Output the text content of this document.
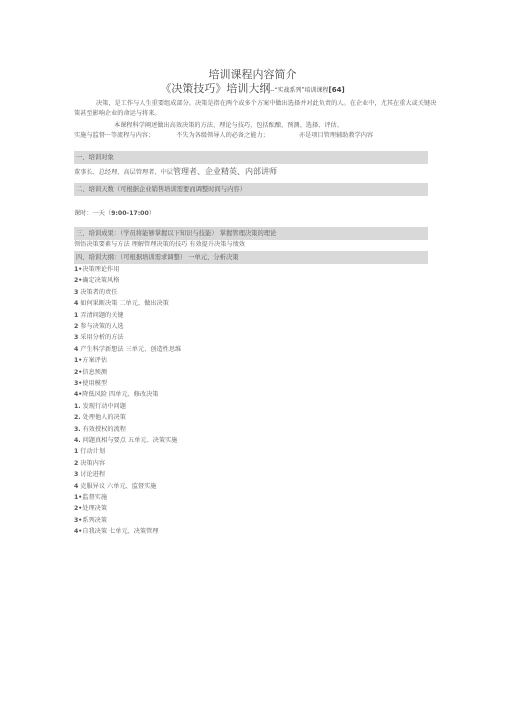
培训课程内容简介
《决策技巧》培训大纲--“实战系列”培训课程[64]
决策，是工作与人生重要组成部分。决策是指在两个或多个方案中做出选择并对此负责的人。在企业中，尤其在重大或关键决策甚至影响企业的命运与将来。
本课程科学阐述做出高效决策的方法、理论与技巧，包括酝酿、预测、选择、评估、
实施与监督···等流程与内容；	不失为各级领导人的必备之能力；	亦是项目管理辅助教学内容
一、培训对象
董事长、总经理、高层管理者、中层管理者、企业精英、内部讲师
二、培训天数（可根据企业销售培训需要而调整时间与内容）
课时：一天（9:00-17:00）
三、培训成果：（学员将能够掌握以下知识与技能） 掌握管理决策的理论
领悟决策要素与方法 理解管理决策的技巧 有效提升决策与绩效
四、培训大纲：（可根据培训需求调整） 一单元、分析决策
1•决策理论作用
2•确定决策风格
3 决策者的责任
4 如何果断决策 二单元、做出决策
1 弄清问题的关键
2 参与决策的人选
3 采用分析的方法
4 产生科学新想法 三单元、创造性思维
1•方案评估
2•信息预测
3•使用模型
4•降低风险 四单元、修改决策
1. 发现行动中问题
2. 处理他人的决策
3. 有效授权的流程
4. 问题真相与要点 五单元、决策实施
1 行动计划
2 决策内容
3 讨论进程
4 克服异议 六单元、监督实施
1•监督实施
2•处理决策
3•系列决策
4•自我决策 七单元、决策管理
